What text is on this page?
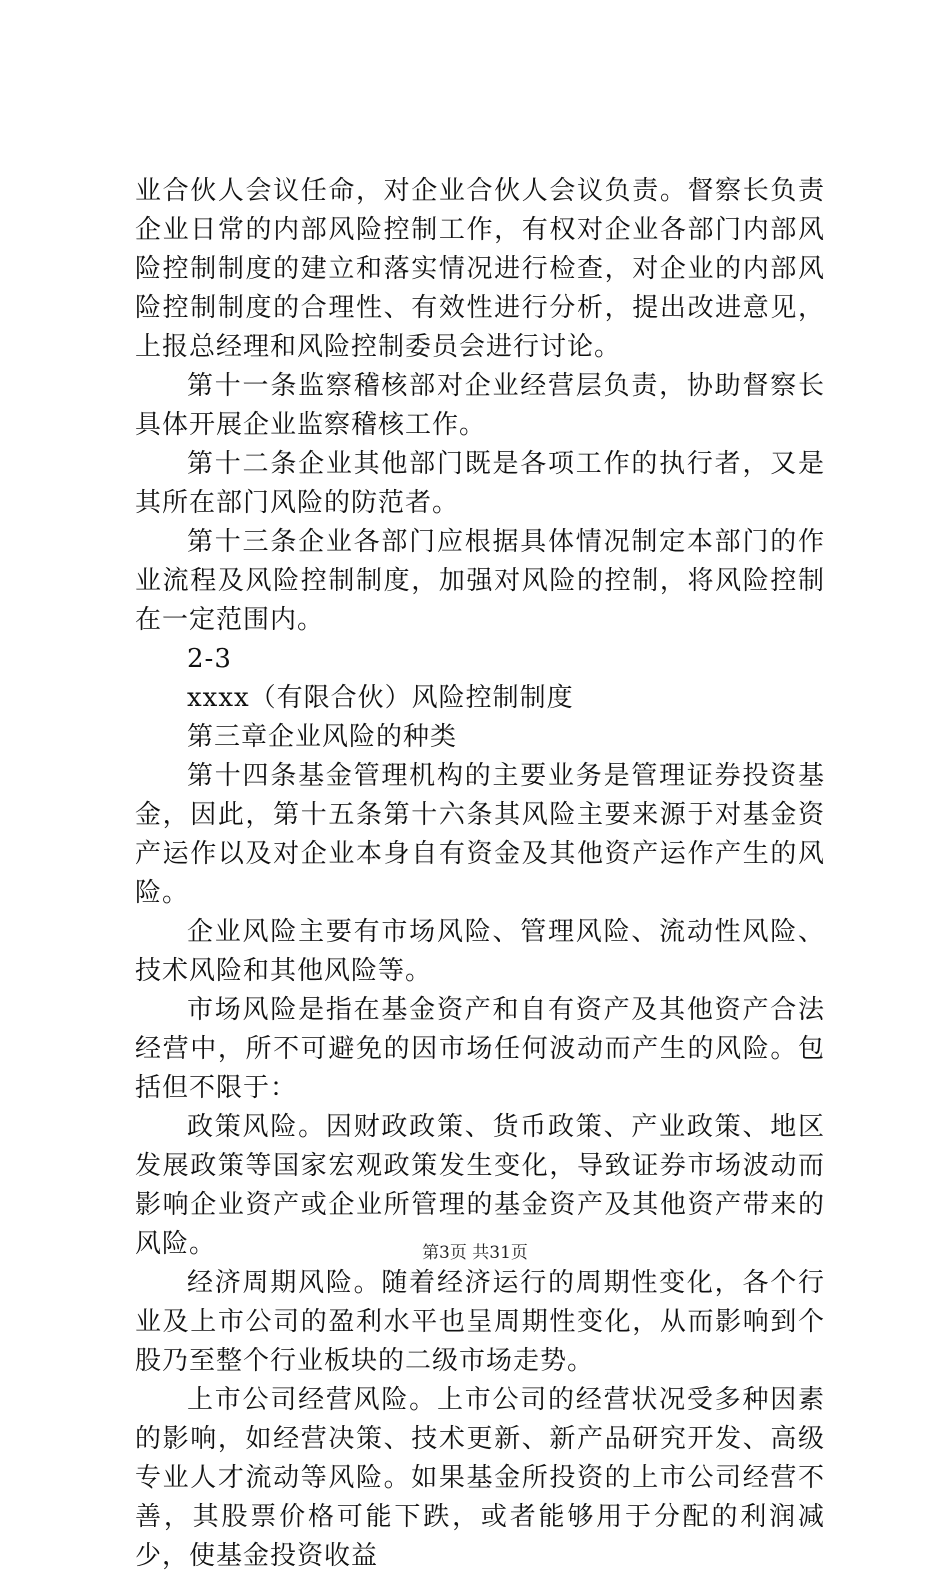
业合伙人会议任命，对企业合伙人会议负责。督察长负责企业日常的内部风险控制工作，有权对企业各部门内部风险控制制度的建立和落实情况进行检查，对企业的内部风险控制制度的合理性、有效性进行分析，提出改进意见，上报总经理和风险控制委员会进行讨论。

第十一条监察稽核部对企业经营层负责，协助督察长具体开展企业监察稽核工作。

第十二条企业其他部门既是各项工作的执行者，又是其所在部门风险的防范者。

第十三条企业各部门应根据具体情况制定本部门的作业流程及风险控制制度，加强对风险的控制，将风险控制在一定范围内。

2-3

xxxx（有限合伙）风险控制制度

第三章企业风险的种类

第十四条基金管理机构的主要业务是管理证券投资基金，因此，第十五条第十六条其风险主要来源于对基金资产运作以及对企业本身自有资金及其他资产运作产生的风险。

企业风险主要有市场风险、管理风险、流动性风险、技术风险和其他风险等。

市场风险是指在基金资产和自有资产及其他资产合法经营中，所不可避免的因市场任何波动而产生的风险。包括但不限于：

政策风险。因财政政策、货币政策、产业政策、地区发展政策等国家宏观政策发生变化，导致证券市场波动而影响企业资产或企业所管理的基金资产及其他资产带来的风险。

经济周期风险。随着经济运行的周期性变化，各个行业及上市公司的盈利水平也呈周期性变化，从而影响到个股乃至整个行业板块的二级市场走势。

上市公司经营风险。上市公司的经营状况受多种因素的影响，如经营决策、技术更新、新产品研究开发、高级专业人才流动等风险。如果基金所投资的上市公司经营不善，其股票价格可能下跌，或者能够用于分配的利润减少，使基金投资收益

第3页 共31页
